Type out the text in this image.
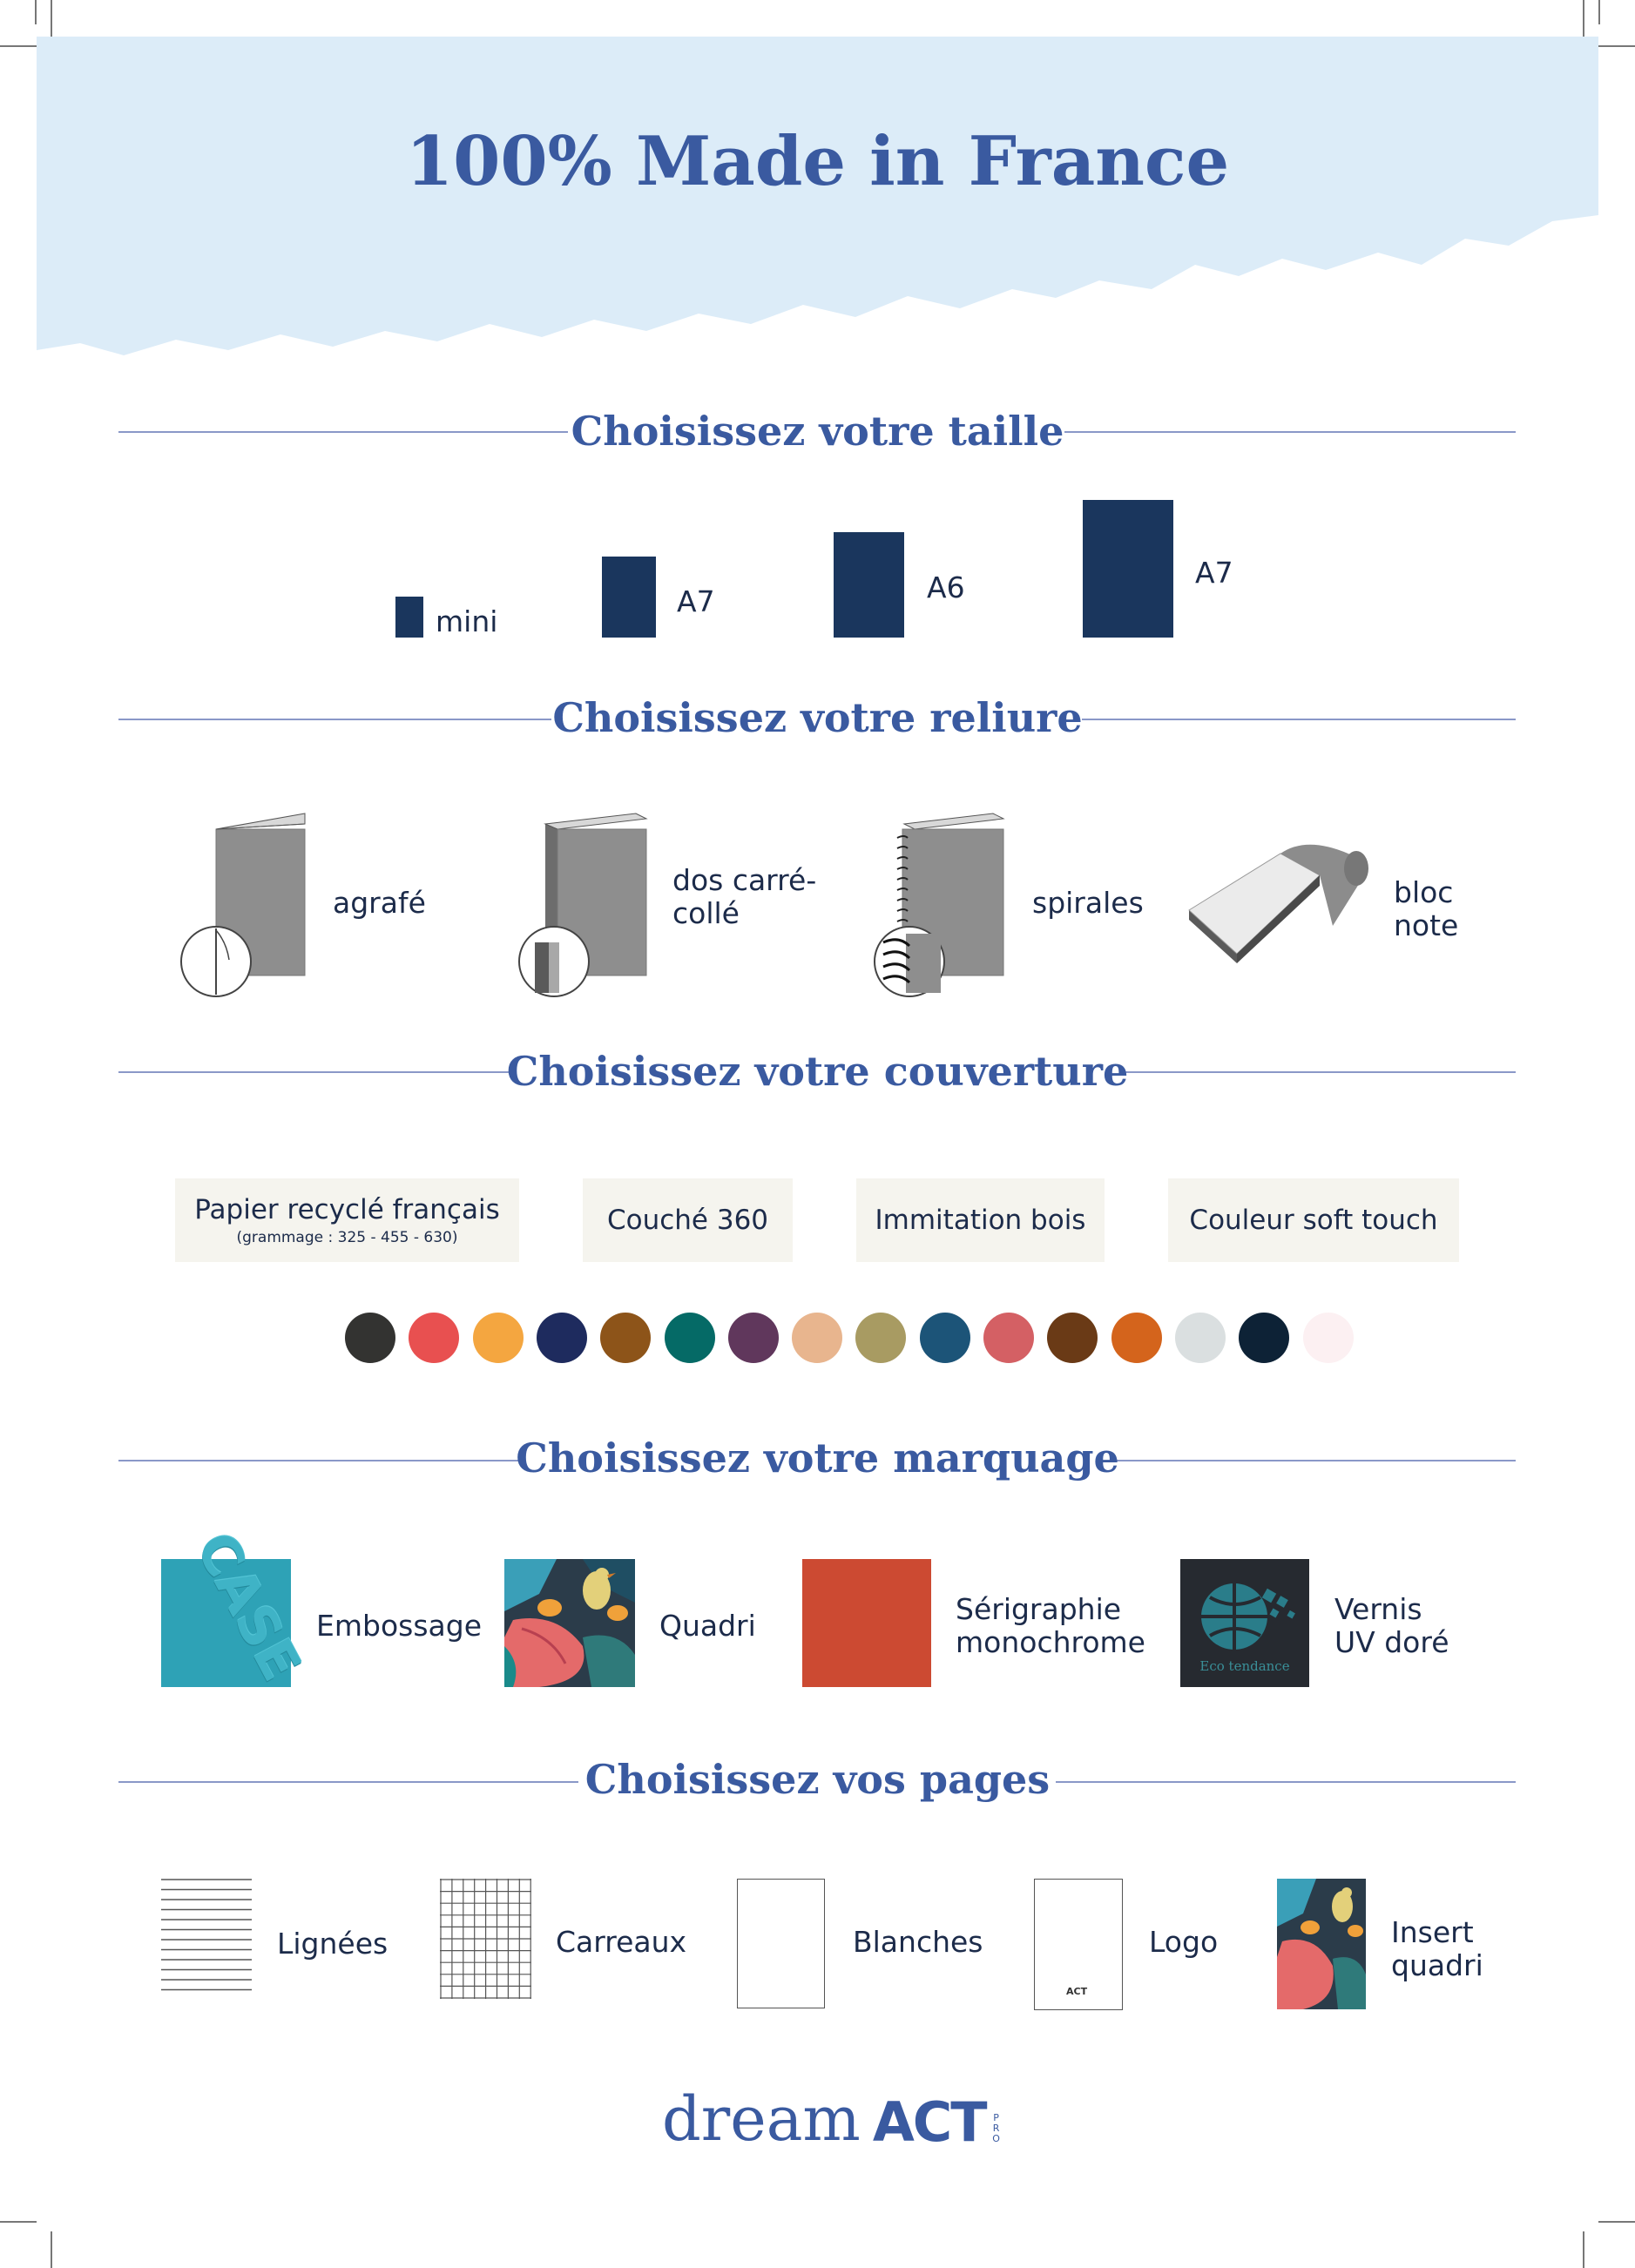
100% Made in France
Choisissez votre taille
mini
A7	A6	A7
Choisissez votre reliure
agrafé
dos carré-collé	spirales	bloc note
Choisissez votre couverture
Papier recyclé français
(grammage : 325 - 455 - 630)
Couché 360	Immitation bois	Couleur soft touch
Choisissez votre marquage
CASE Embossage	Quadri	Sérigraphie monochrome
Eco tendance
Vernis UV doré
Choisissez vos pages
Lignées	Carreaux	Blanches
ACT
Logo	Insert quadri
dream ACT P
R
O
